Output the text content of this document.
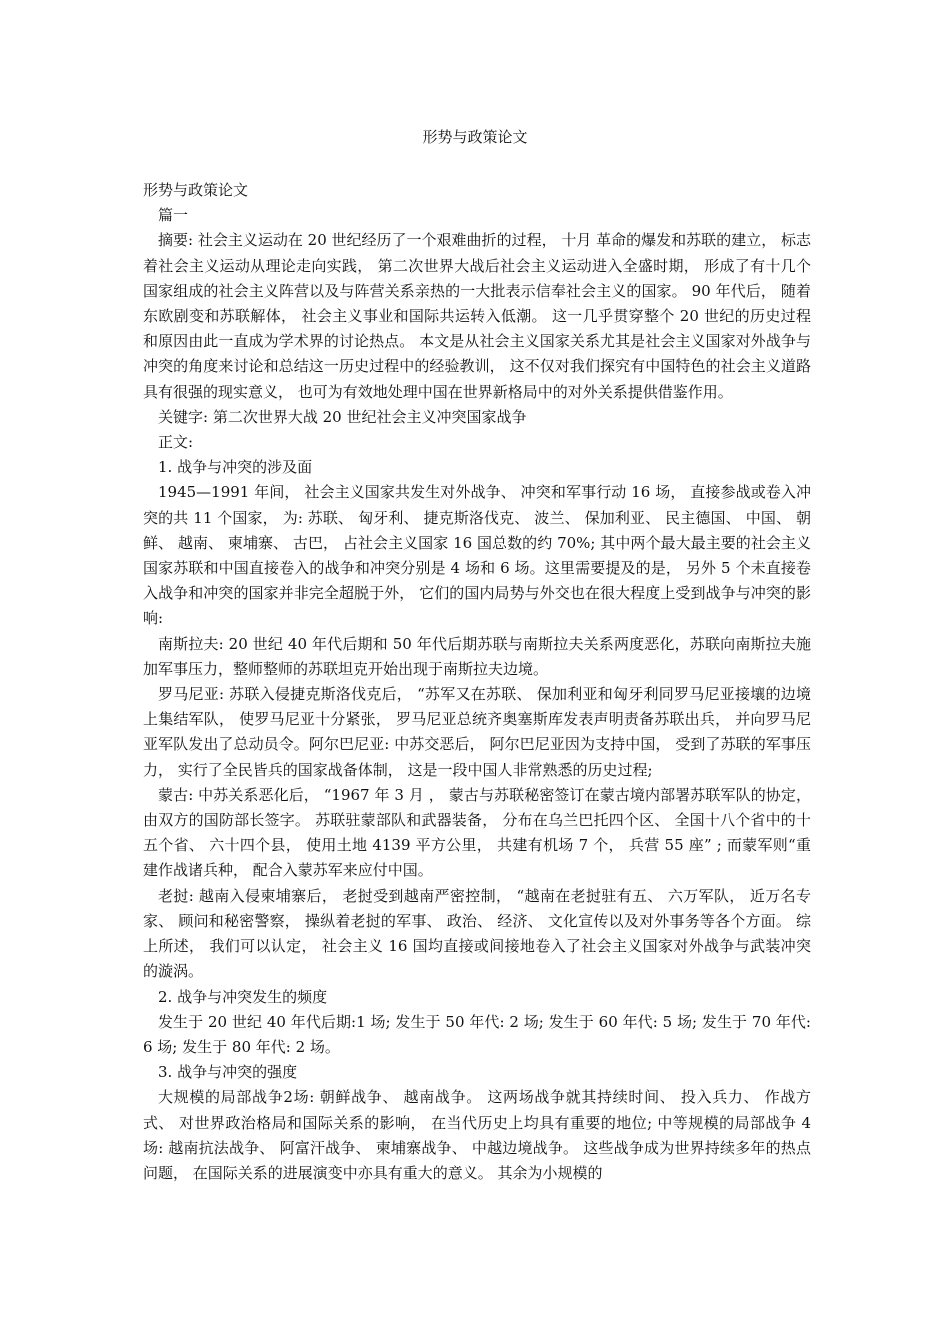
形势与政策论文

形势与政策论文

篇一

摘要: 社会主义运动在 20 世纪经历了一个艰难曲折的过程， 十月 革命的爆发和苏联的建立， 标志着社会主义运动从理论走向实践， 第二次世界大战后社会主义运动进入全盛时期， 形成了有十几个国家组成的社会主义阵营以及与阵营关系亲热的一大批表示信奉社会主义的国家。 90 年代后， 随着东欧剧变和苏联解体， 社会主义事业和国际共运转入低潮。 这一几乎贯穿整个 20 世纪的历史过程和原因由此一直成为学术界的讨论热点。 本文是从社会主义国家关系尤其是社会主义国家对外战争与冲突的角度来讨论和总结这一历史过程中的经验教训， 这不仅对我们探究有中国特色的社会主义道路具有很强的现实意义， 也可为有效地处理中国在世界新格局中的对外关系提供借鉴作用。

关键字: 第二次世界大战 20 世纪社会主义冲突国家战争

正文:

1. 战争与冲突的涉及面

1945—1991 年间， 社会主义国家共发生对外战争、 冲突和军事行动 16 场， 直接参战或卷入冲突的共 11 个国家， 为: 苏联、 匈牙利、 捷克斯洛伐克、 波兰、 保加利亚、 民主德国、 中国、 朝鲜、 越南、 柬埔寨、 古巴， 占社会主义国家 16 国总数的约 70%; 其中两个最大最主要的社会主义国家苏联和中国直接卷入的战争和冲突分别是 4 场和 6 场。这里需要提及的是， 另外 5 个未直接卷入战争和冲突的国家并非完全超脱于外， 它们的国内局势与外交也在很大程度上受到战争与冲突的影响:

南斯拉夫: 20 世纪 40 年代后期和 50 年代后期苏联与南斯拉夫关系两度恶化，苏联向南斯拉夫施加军事压力，整师整师的苏联坦克开始出现于南斯拉夫边境。

罗马尼亚: 苏联入侵捷克斯洛伐克后， “苏军又在苏联、 保加利亚和匈牙利同罗马尼亚接壤的边境上集结军队， 使罗马尼亚十分紧张， 罗马尼亚总统齐奥塞斯库发表声明责备苏联出兵， 并向罗马尼亚军队发出了总动员令。阿尔巴尼亚: 中苏交恶后， 阿尔巴尼亚因为支持中国， 受到了苏联的军事压力， 实行了全民皆兵的国家战备体制， 这是一段中国人非常熟悉的历史过程;

蒙古: 中苏关系恶化后， “1967 年 3 月 ， 蒙古与苏联秘密签订在蒙古境内部署苏联军队的协定， 由双方的国防部长签字。 苏联驻蒙部队和武器装备， 分布在乌兰巴托四个区、 全国十八个省中的十五个省、 六十四个县， 使用土地 4139 平方公里， 共建有机场 7 个， 兵营 55 座” ; 而蒙军则“重建作战诸兵种， 配合入蒙苏军来应付中国。

老挝: 越南入侵柬埔寨后， 老挝受到越南严密控制， “越南在老挝驻有五、 六万军队， 近万名专家、 顾问和秘密警察， 操纵着老挝的军事、 政治、 经济、 文化宣传以及对外事务等各个方面。 综上所述， 我们可以认定， 社会主义 16 国均直接或间接地卷入了社会主义国家对外战争与武装冲突的漩涡。

2. 战争与冲突发生的频度

发生于 20 世纪 40 年代后期:1 场; 发生于 50 年代: 2 场; 发生于 60 年代: 5 场; 发生于 70 年代: 6 场; 发生于 80 年代: 2 场。

3. 战争与冲突的强度

大规模的局部战争2场: 朝鲜战争、 越南战争。 这两场战争就其持续时间、 投入兵力、 作战方式、 对世界政治格局和国际关系的影响， 在当代历史上均具有重要的地位; 中等规模的局部战争 4 场: 越南抗法战争、 阿富汗战争、 柬埔寨战争、 中越边境战争。 这些战争成为世界持续多年的热点问题， 在国际关系的进展演变中亦具有重大的意义。 其余为小规模的
